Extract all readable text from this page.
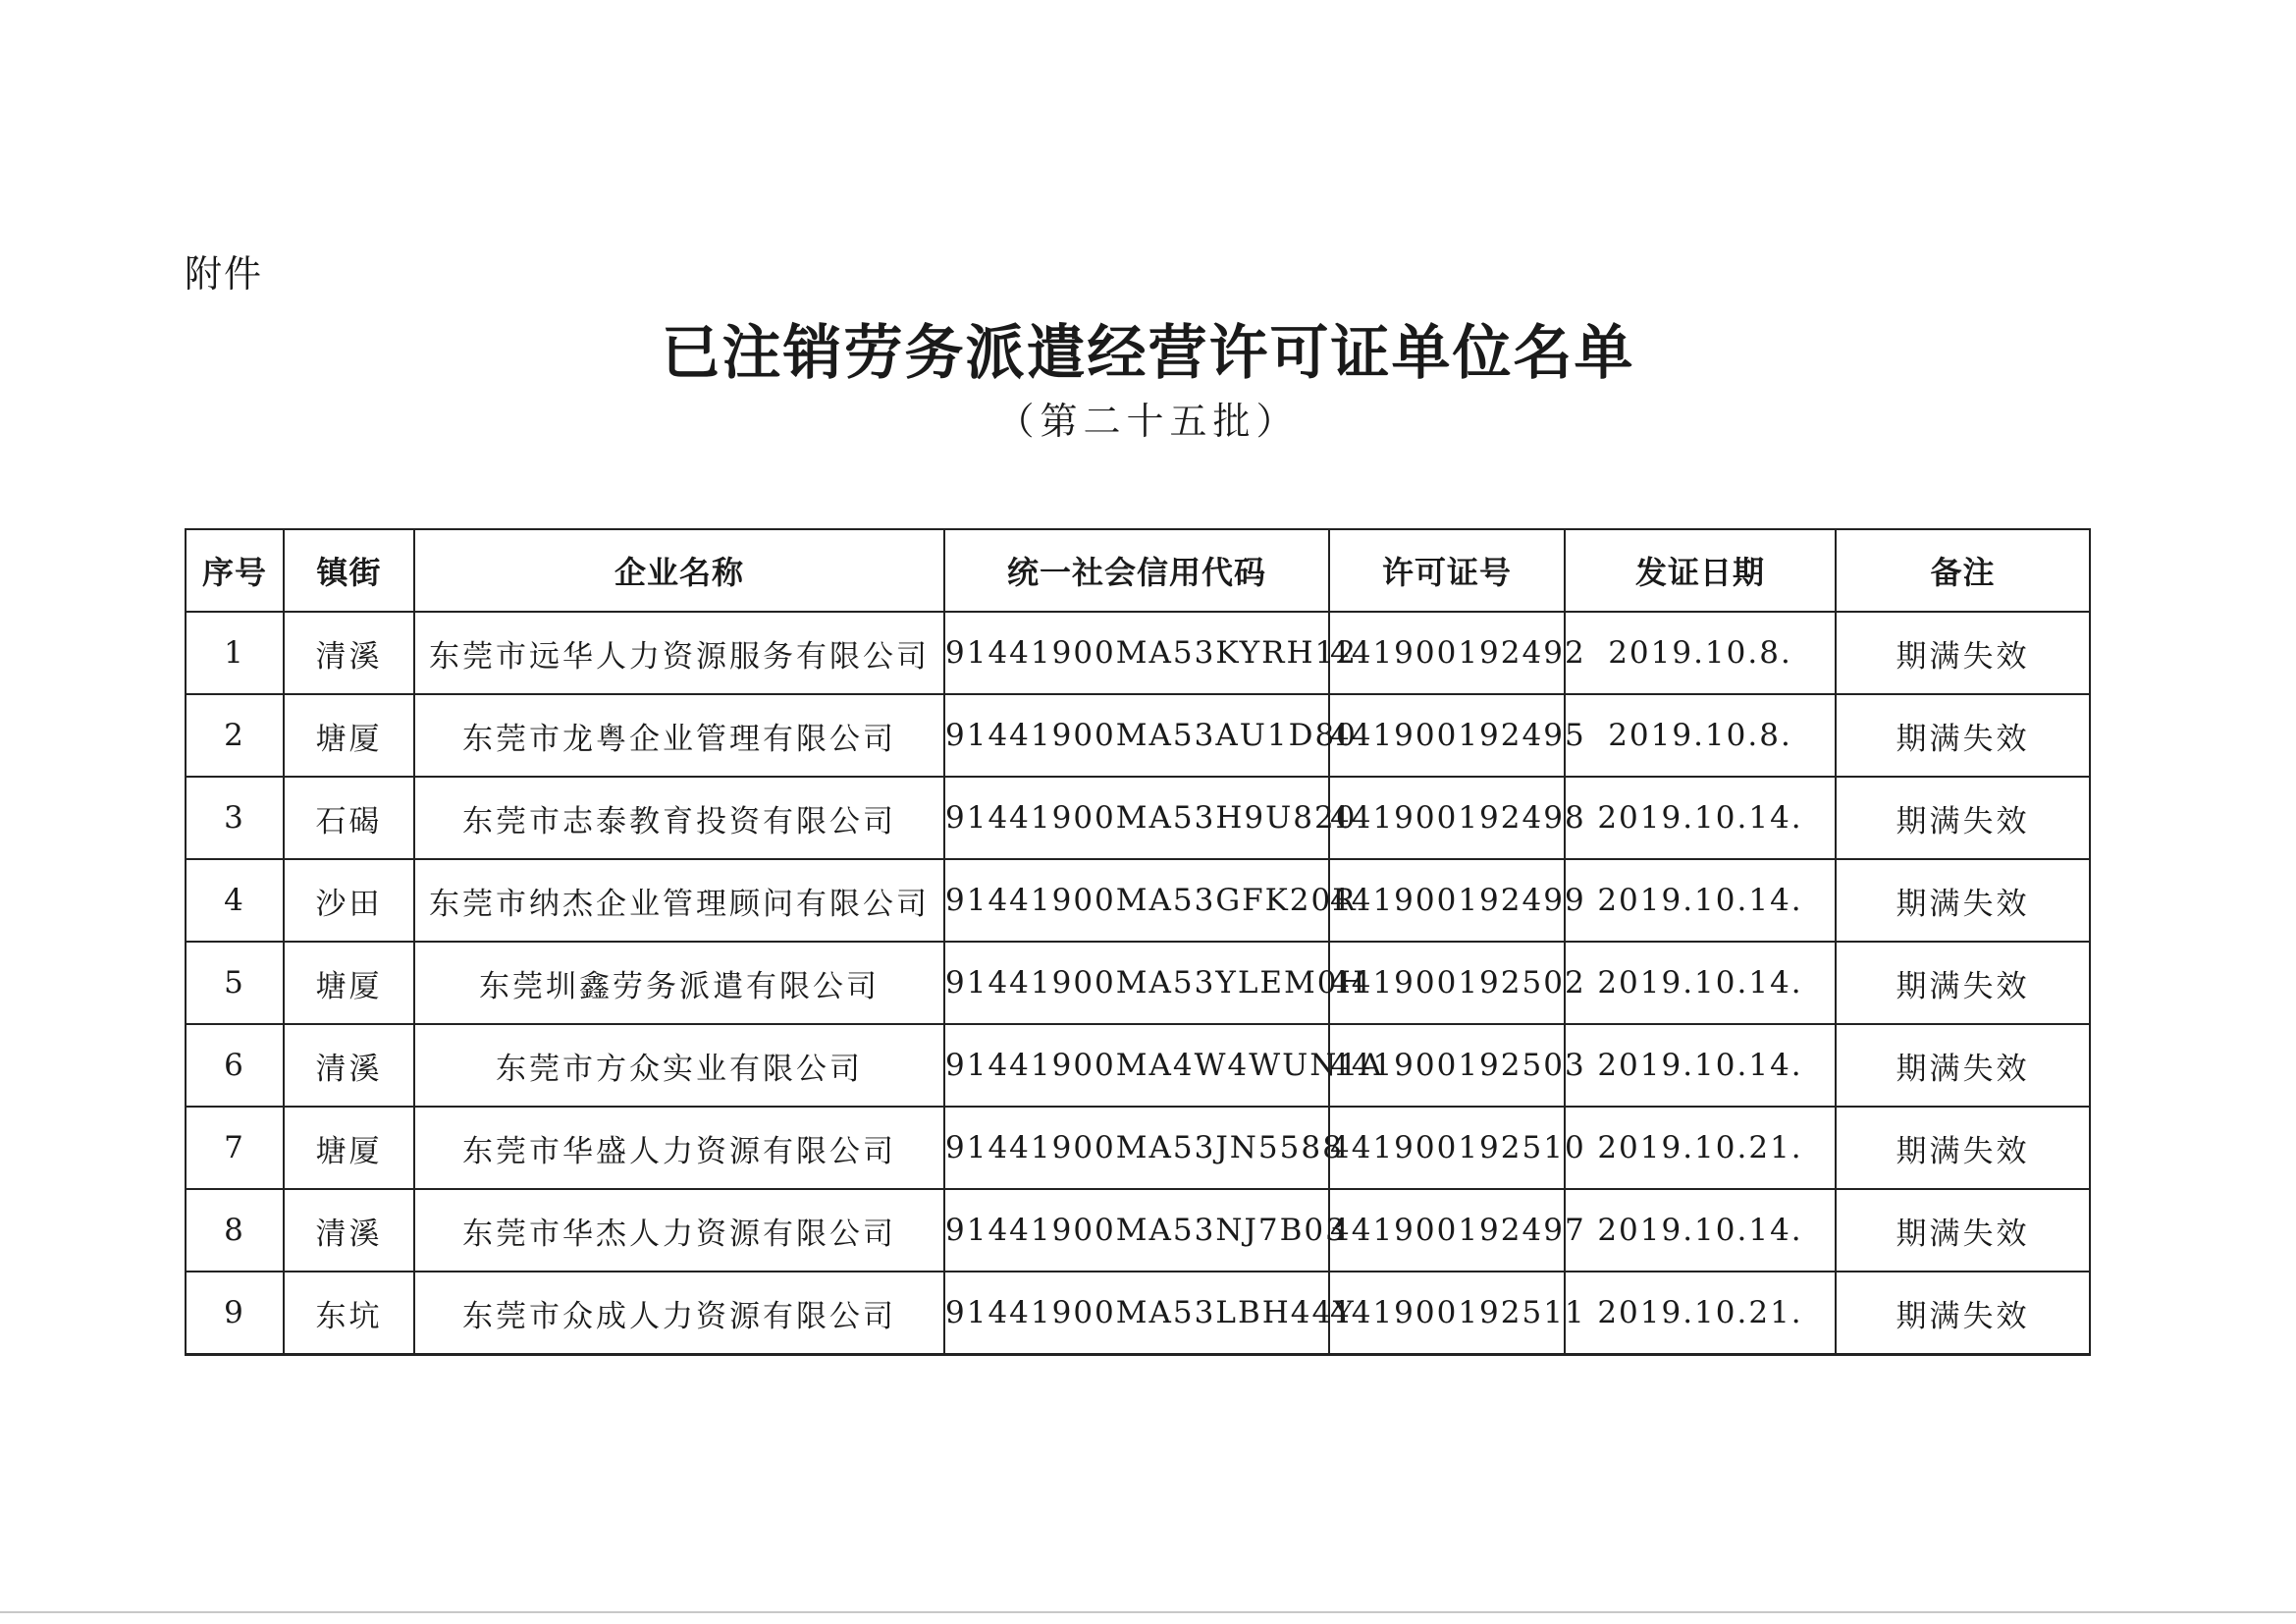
附件
已注销劳务派遣经营许可证单位名单
（第二十五批）
序号	镇街	企业名称	统一社会信用代码	许可证号	发证日期	备注
1	清溪	东莞市远华人力资源服务有限公司	91441900MA53KYRH12	441900192492	2019.10.8.	期满失效
2	塘厦	东莞市龙粤企业管理有限公司	91441900MA53AU1D80	441900192495	2019.10.8.	期满失效
3	石碣	东莞市志泰教育投资有限公司	91441900MA53H9U820	441900192498	2019.10.14.	期满失效
4	沙田	东莞市纳杰企业管理顾问有限公司	91441900MA53GFK20R	441900192499	2019.10.14.	期满失效
5	塘厦	东莞圳鑫劳务派遣有限公司	91441900MA53YLEM0H	441900192502	2019.10.14.	期满失效
6	清溪	东莞市方众实业有限公司	91441900MA4W4WUN1A	441900192503	2019.10.14.	期满失效
7	塘厦	东莞市华盛人力资源有限公司	91441900MA53JN5588	441900192510	2019.10.21.	期满失效
8	清溪	东莞市华杰人力资源有限公司	91441900MA53NJ7B03	441900192497	2019.10.14.	期满失效
9	东坑	东莞市众成人力资源有限公司	91441900MA53LBH44Y	441900192511	2019.10.21.	期满失效
